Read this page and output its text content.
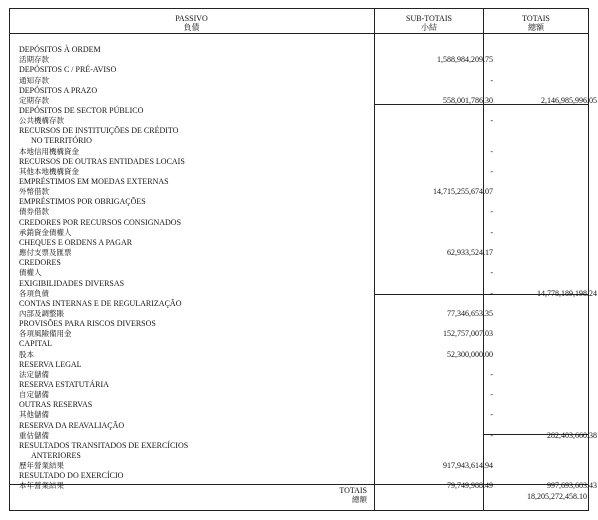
PASSIVO
負債
SUB-TOTAIS
小結
TOTAIS
總額
DEPÓSITOS À ORDEM
活期存款	1,588,984,209.75
DEPÓSITOS C / PRÉ-AVISO
通知存款	-
DEPÓSITOS A PRAZO
定期存款	558,001,786.30	2,146,985,996.05
DEPÓSITOS DE SECTOR PÚBLICO
公共機構存款	-
RECURSOS DE INSTITUIÇÕES DE CRÉDITO
NO TERRITÓRIO
本地信用機構資金	-
RECURSOS DE OUTRAS ENTIDADES LOCAIS
其他本地機構資金	-
EMPRÉSTIMOS EM MOEDAS EXTERNAS
外幣借款	14,715,255,674.07
EMPRÉSTIMOS POR OBRIGAÇÕES
債券借款	-
CREDORES POR RECURSOS CONSIGNADOS
承銷資金債權人	-
CHEQUES E ORDENS A PAGAR
應付支票及匯票	62,933,524.17
CREDORES
債權人	-
EXIGIBILIDADES DIVERSAS
各項負債	-	14,778,189,198.24
CONTAS INTERNAS E DE REGULARIZAÇÃO
內部及調整賬	77,346,653.35
PROVISÕES PARA RISCOS DIVERSOS
各項風險備用金	152,757,007.03
CAPITAL
股本	52,300,000.00
RESERVA LEGAL
法定儲備	-
RESERVA ESTATUTÁRIA
自定儲備	-
OUTRAS RESERVAS
其他儲備	-
RESERVA DA REAVALIAÇÃO
重估儲備	-	282,403,660.38
RESULTADOS TRANSITADOS DE EXERCÍCIOS
ANTERIORES
歷年營業結果	917,943,614.94
RESULTADO DO EXERCÍCIO
本年營業結果	79,749,988.49	997,693,603.43
TOTAIS
總額	18,205,272,458.10
